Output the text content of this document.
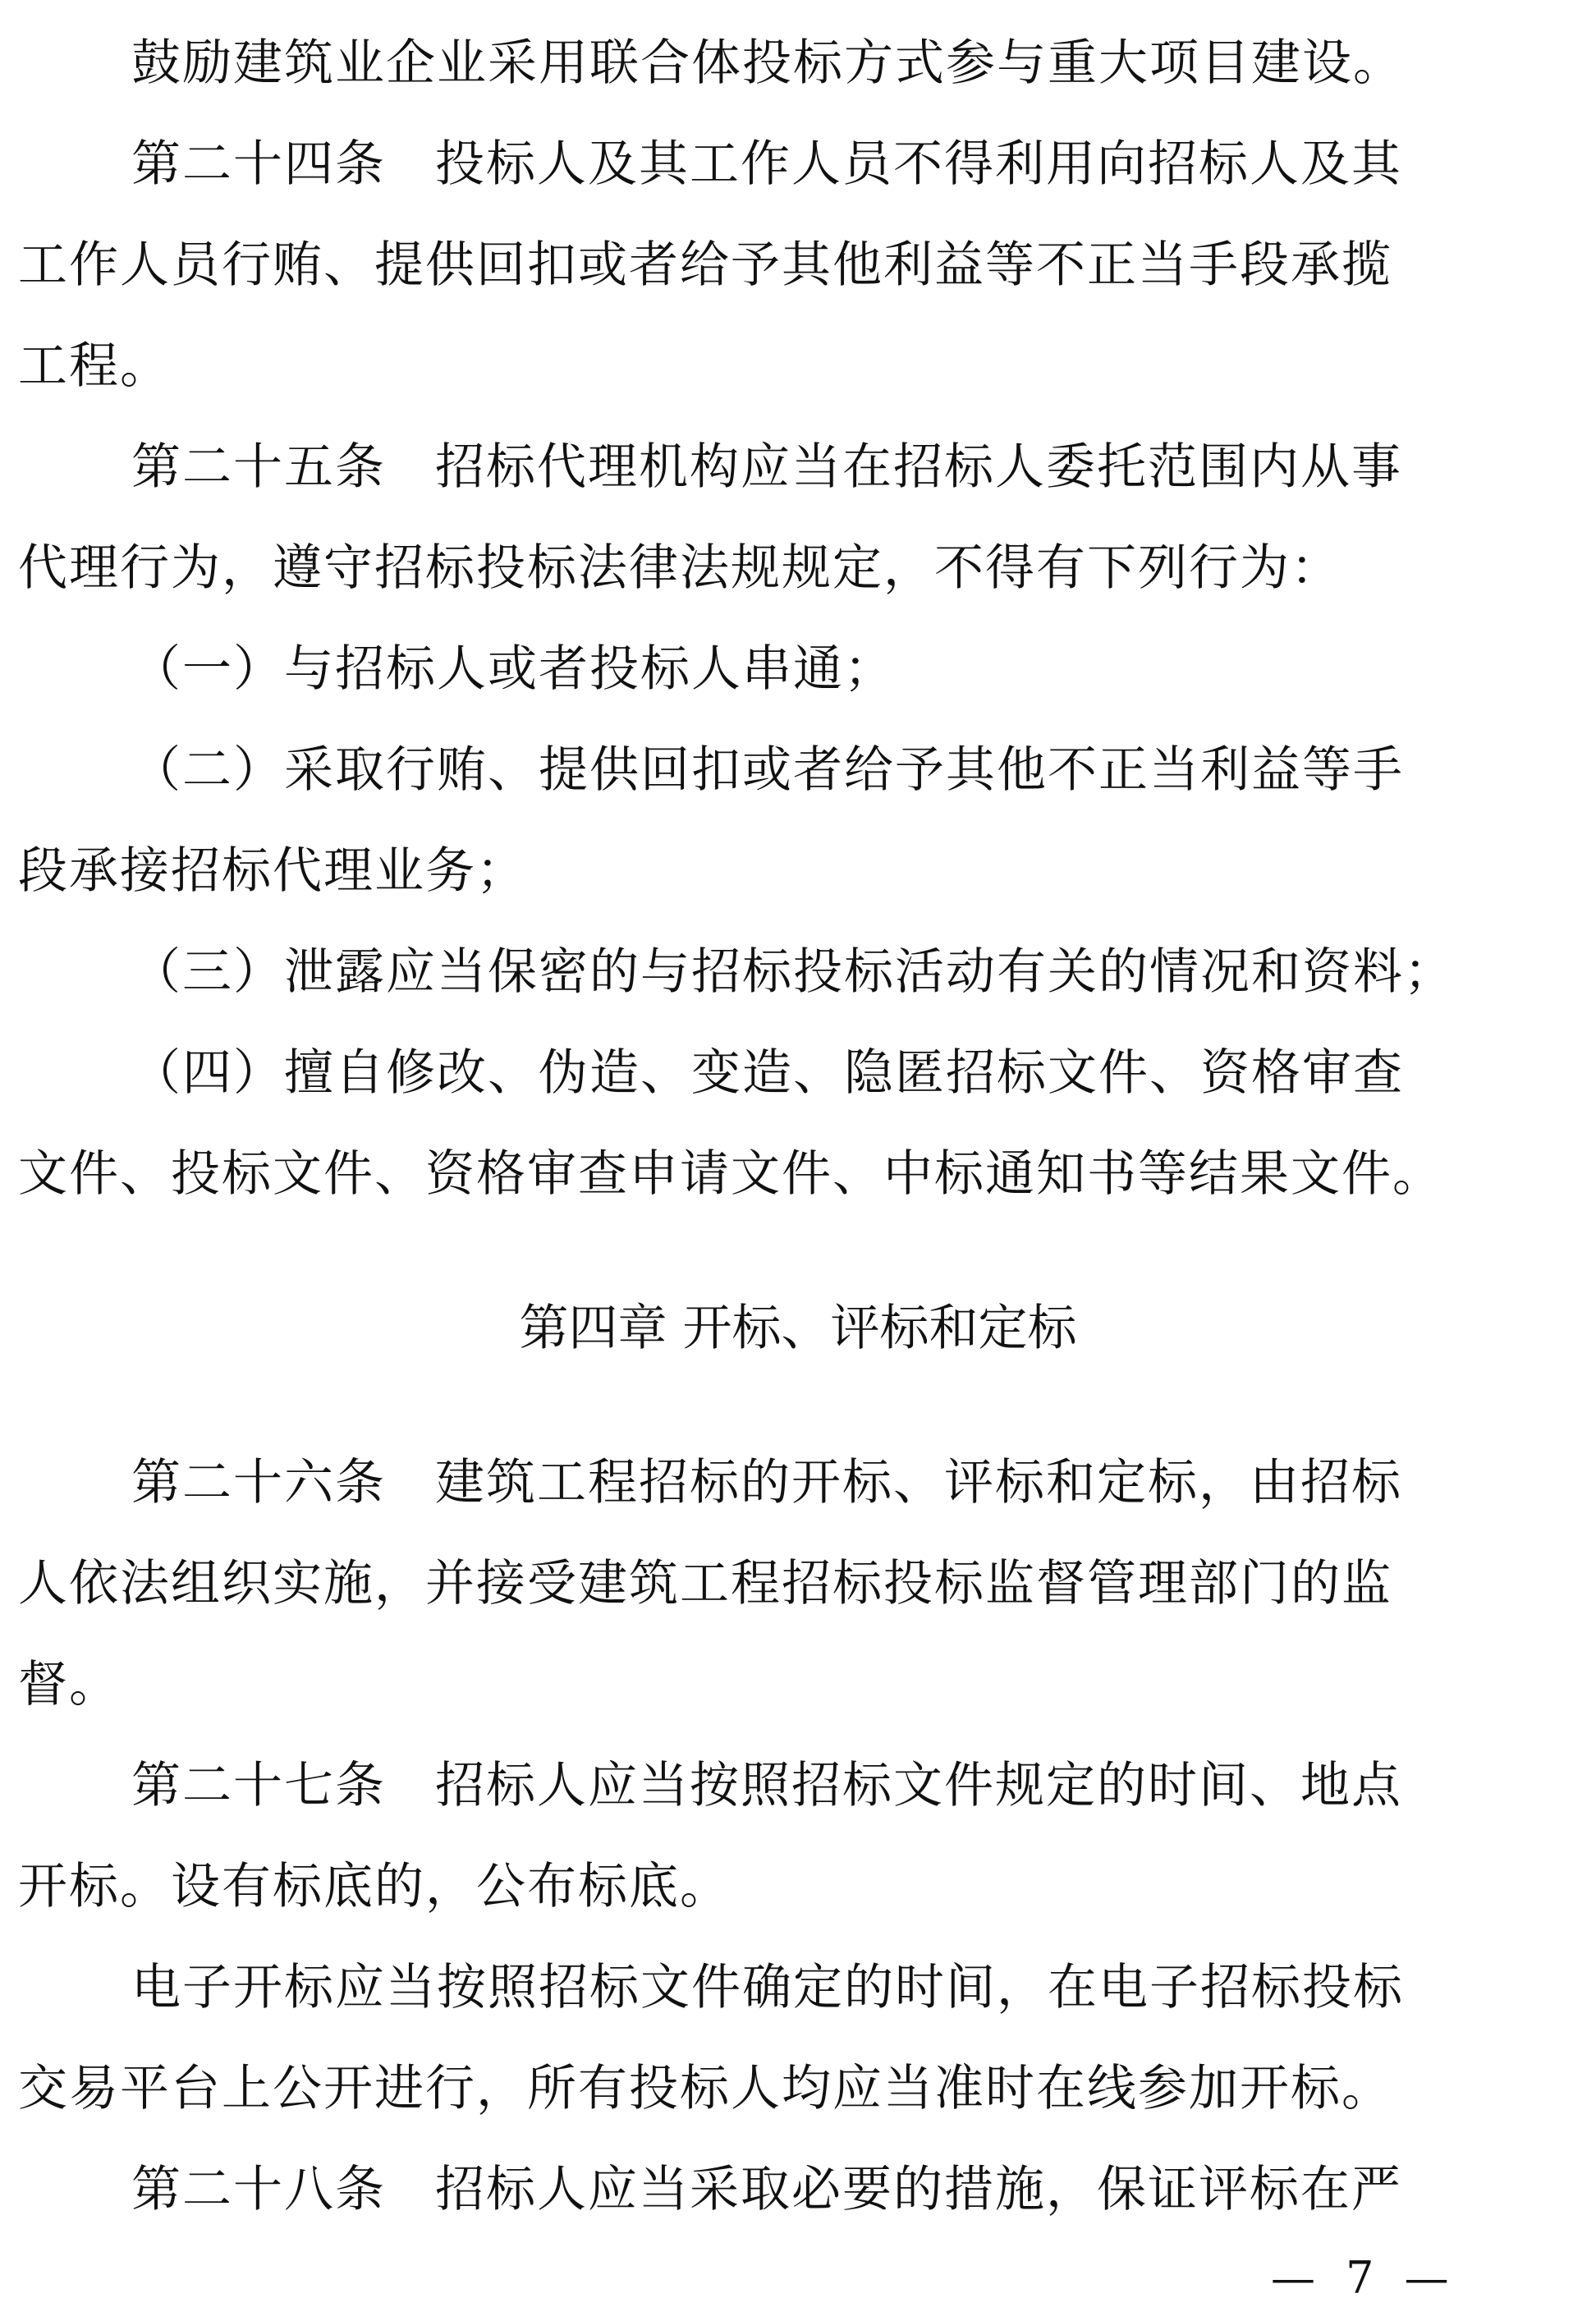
鼓励建筑业企业采用联合体投标方式参与重大项目建设。
第二十四条 投标人及其工作人员不得利用向招标人及其
工作人员行贿、提供回扣或者给予其他利益等不正当手段承揽
工程。
第二十五条 招标代理机构应当在招标人委托范围内从事
代理行为，遵守招标投标法律法规规定，不得有下列行为：
（一）与招标人或者投标人串通；
（二）采取行贿、提供回扣或者给予其他不正当利益等手
段承接招标代理业务；
（三）泄露应当保密的与招标投标活动有关的情况和资料；
（四）擅自修改、伪造、变造、隐匿招标文件、资格审查
文件、投标文件、资格审查申请文件、中标通知书等结果文件。
第四章 开标、评标和定标
第二十六条 建筑工程招标的开标、评标和定标，由招标
人依法组织实施，并接受建筑工程招标投标监督管理部门的监
督。
第二十七条 招标人应当按照招标文件规定的时间、地点
开标。设有标底的，公布标底。
电子开标应当按照招标文件确定的时间，在电子招标投标
交易平台上公开进行，所有投标人均应当准时在线参加开标。
第二十八条 招标人应当采取必要的措施，保证评标在严
— 7 —
